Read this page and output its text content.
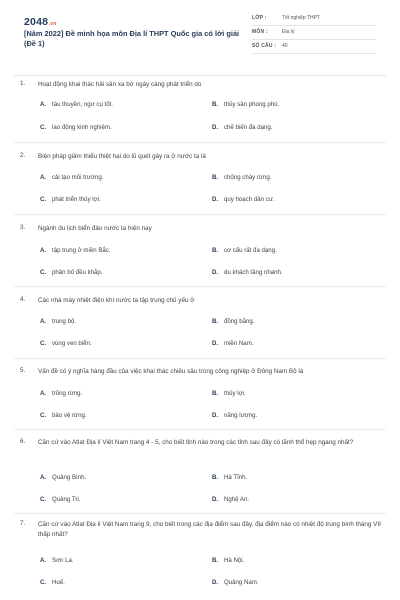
2048.vn
[Năm 2022] Đề minh họa môn Địa lí THPT Quốc gia có lời giải (Đề 1)
LỚP :	Tốt nghiệp THPT
MÔN :	Địa lý
SỐ CÂU : 40
1. Hoạt động khai thác hải sản xa bờ ngày càng phát triển do
A. tàu thuyền, ngư cụ tốt.	B. thủy sản phong phú.
C. lao động kinh nghiệm.	D. chế biến đa dạng.
2. Biện pháp giảm thiểu thiệt hại do lũ quét gây ra ở nước ta là
A. cải tạo môi trường.	B. chống cháy rừng.
C. phát triển thủy lợi.	D. quy hoạch dân cư.
3. Ngành du lịch biển đảo nước ta hiện nay
A. tập trung ở miền Bắc.	B. cơ cấu rất đa dạng.
C. phân bố đều khắp.	D. du khách tăng nhanh.
4. Các nhà máy nhiệt điện khí nước ta tập trung chủ yếu ở
A. trung bộ.	B. đồng bằng.
C. vùng ven biển.	D. miền Nam.
5. Vấn đề có ý nghĩa hàng đầu của việc khai thác chiều sâu trong công nghiệp ở Đông Nam Bộ là
A. trồng rừng.	B. thủy lợi.
C. bảo vệ rừng.	D. năng lượng.
6. Căn cứ vào Atlat Địa lí Việt Nam trang 4 - 5, cho biết tỉnh nào trong các tỉnh sau đây có lãnh thổ hẹp ngang nhất?
A. Quảng Bình.	B. Hà Tĩnh.
C. Quảng Trị.	D. Nghệ An.
7. Căn cứ vào Atlat Địa lí Việt Nam trang 9, cho biết trong các địa điểm sau đây, địa điểm nào có nhiệt độ trung bình tháng VII thấp nhất?
A. Sơn La.	B. Hà Nội.
C. Huế.	D. Quảng Nam.
